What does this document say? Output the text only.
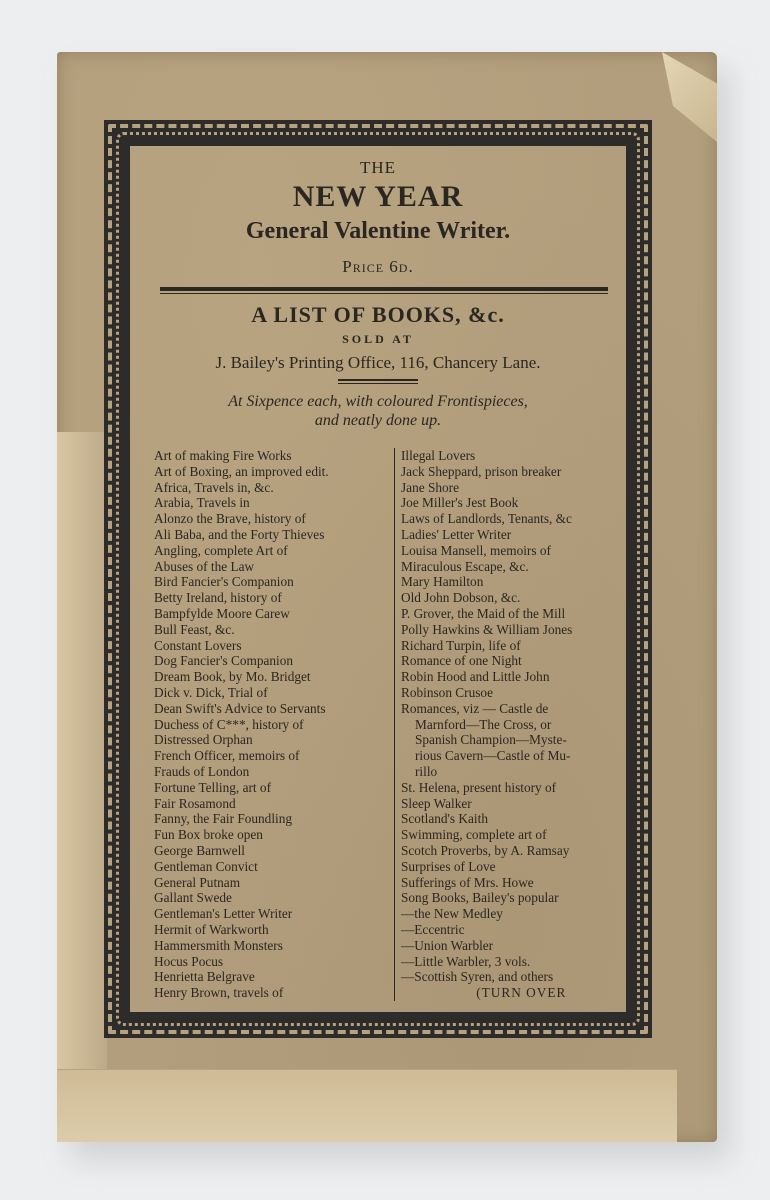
THE
NEW YEAR
General Valentine Writer.
Price 6d.
A LIST OF BOOKS, &c.
SOLD AT
J. Bailey's Printing Office, 116, Chancery Lane.
At Sixpence each, with coloured Frontispieces,
and neatly done up.
Art of making Fire Works
Art of Boxing, an improved edit.
Africa, Travels in, &c.
Arabia, Travels in
Alonzo the Brave, history of
Ali Baba, and the Forty Thieves
Angling, complete Art of
Abuses of the Law
Bird Fancier's Companion
Betty Ireland, history of
Bampfylde Moore Carew
Bull Feast, &c.
Constant Lovers
Dog Fancier's Companion
Dream Book, by Mo. Bridget
Dick v. Dick, Trial of
Dean Swift's Advice to Servants
Duchess of C***, history of
Distressed Orphan
French Officer, memoirs of
Frauds of London
Fortune Telling, art of
Fair Rosamond
Fanny, the Fair Foundling
Fun Box broke open
George Barnwell
Gentleman Convict
General Putnam
Gallant Swede
Gentleman's Letter Writer
Hermit of Warkworth
Hammersmith Monsters
Hocus Pocus
Henrietta Belgrave
Henry Brown, travels of
Illegal Lovers
Jack Sheppard, prison breaker
Jane Shore
Joe Miller's Jest Book
Laws of Landlords, Tenants, &c
Ladies' Letter Writer
Louisa Mansell, memoirs of
Miraculous Escape, &c.
Mary Hamilton
Old John Dobson, &c.
P. Grover, the Maid of the Mill
Polly Hawkins & William Jones
Richard Turpin, life of
Romance of one Night
Robin Hood and Little John
Robinson Crusoe
Romances, viz — Castle de
Marnford—The Cross, or
Spanish Champion—Myste-
rious Cavern—Castle of Mu-
rillo
St. Helena, present history of
Sleep Walker
Scotland's Kaith
Swimming, complete art of
Scotch Proverbs, by A. Ramsay
Surprises of Love
Sufferings of Mrs. Howe
Song Books, Bailey's popular
—the New Medley
—Eccentric
—Union Warbler
—Little Warbler, 3 vols.
—Scottish Syren, and others
(TURN OVER
